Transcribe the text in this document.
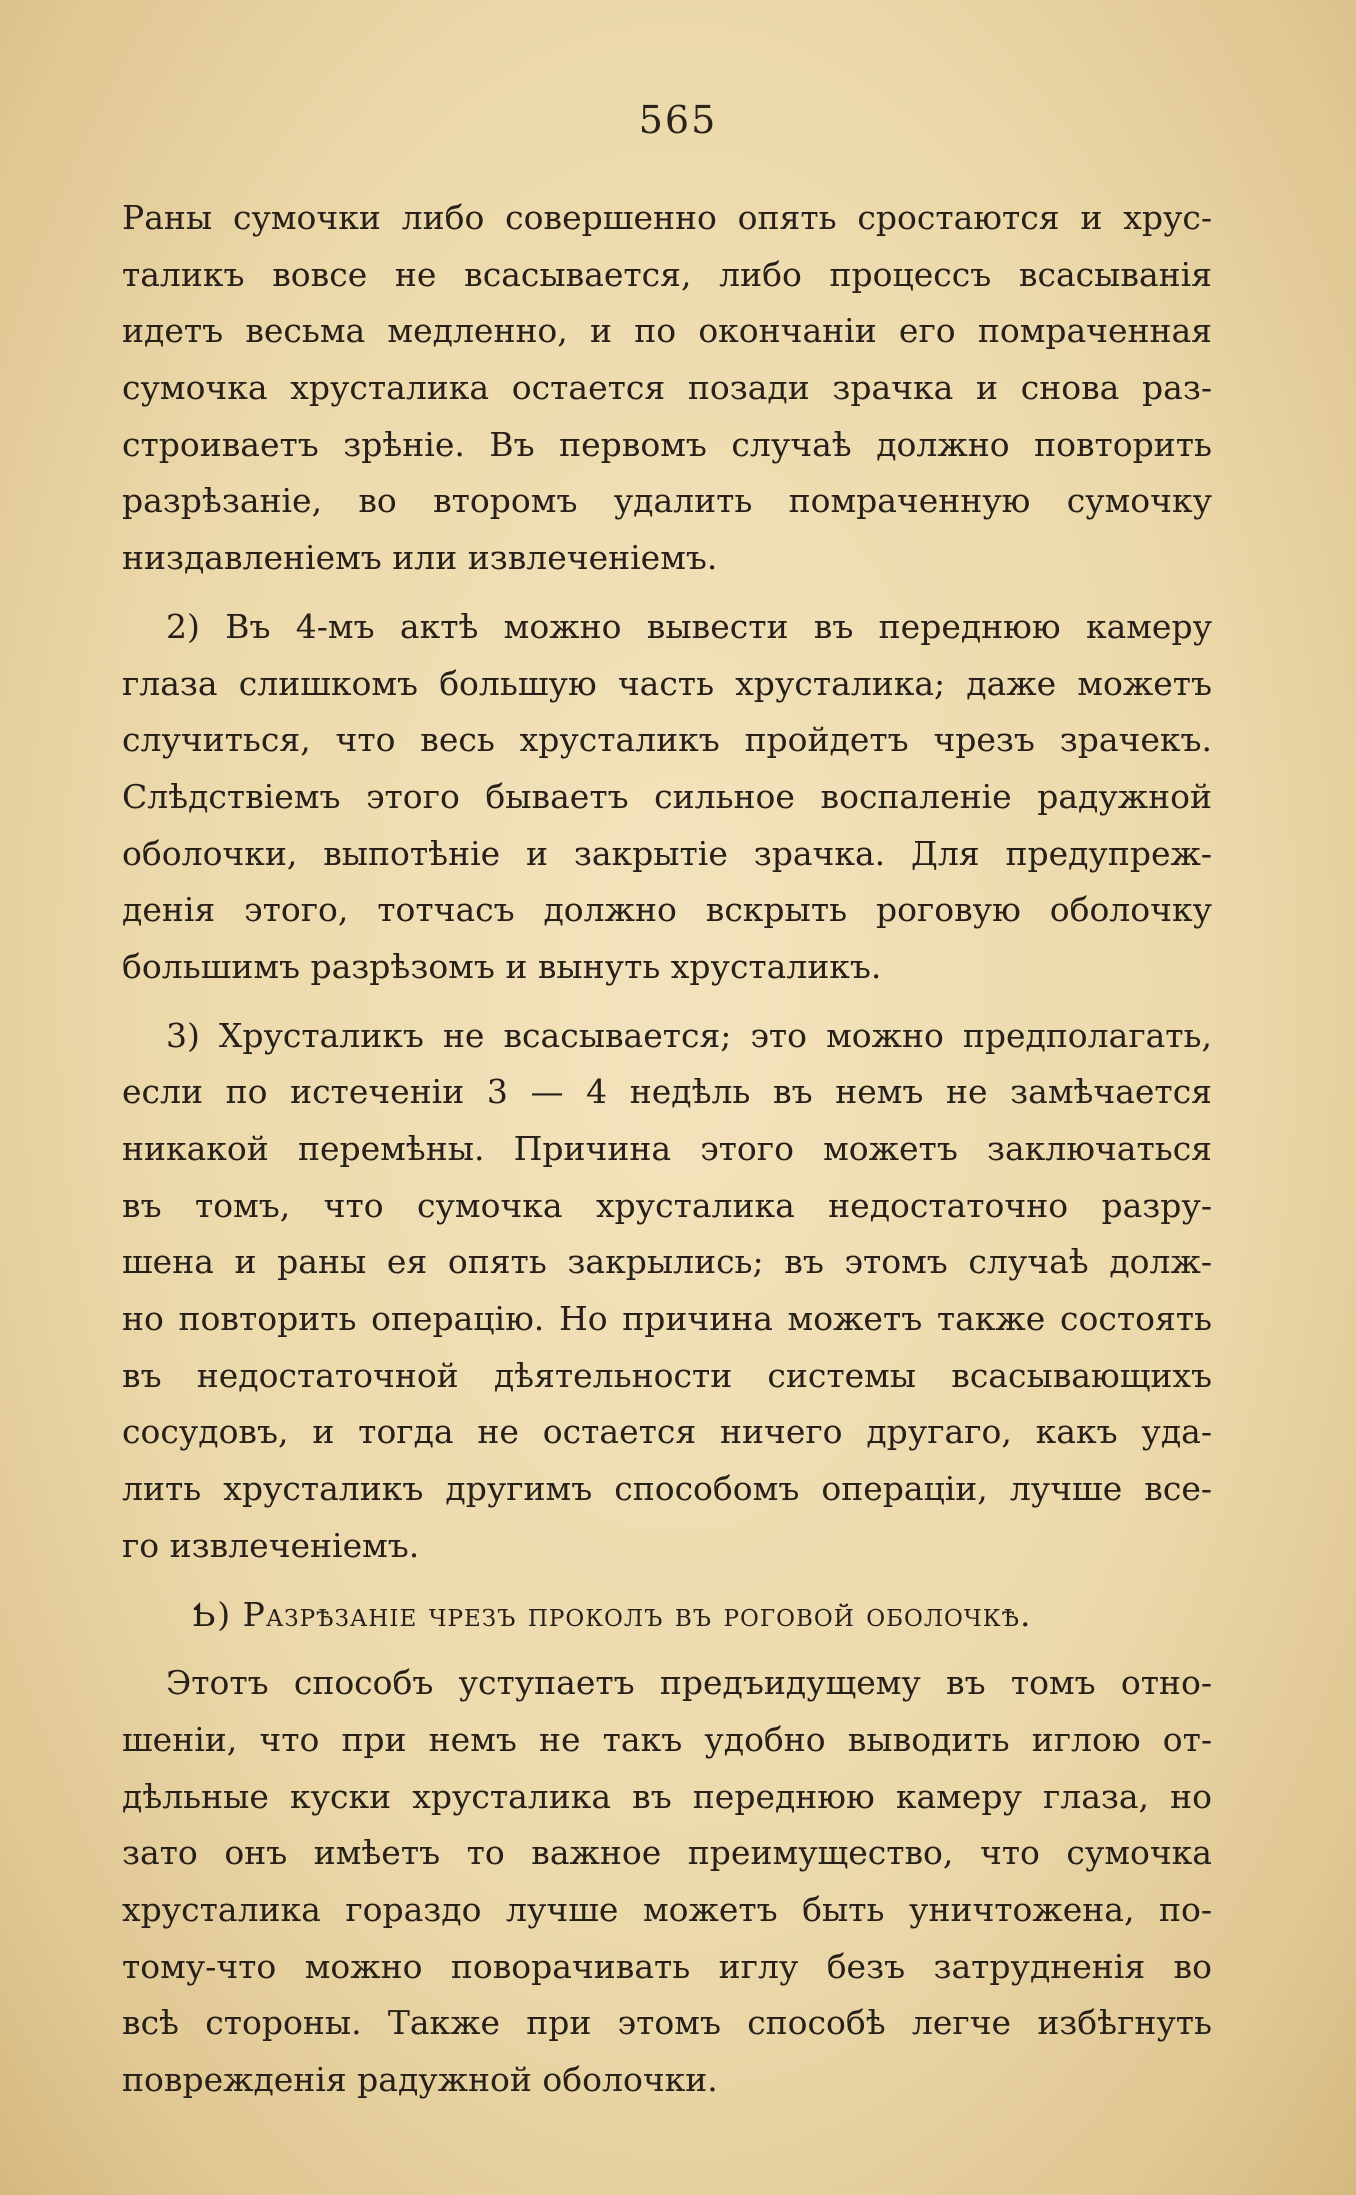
565
Раны сумочки либо совершенно опять сростаются и хрус-
таликъ вовсе не всасывается, либо процессъ всасыванія
идетъ весьма медленно, и по окончаніи его помраченная
сумочка хрусталика остается позади зрачка и снова раз-
строиваетъ зрѣніе. Въ первомъ случаѣ должно повторить
разрѣзаніе, во второмъ удалить помраченную сумочку
низдавленіемъ или извлеченіемъ.
2) Въ 4-мъ актѣ можно вывести въ переднюю камеру
глаза слишкомъ большую часть хрусталика; даже можетъ
случиться, что весь хрусталикъ пройдетъ чрезъ зрачекъ.
Слѣдствіемъ этого бываетъ сильное воспаленіе радужной
оболочки, выпотѣніе и закрытіе зрачка. Для предупреж-
денія этого, тотчасъ должно вскрыть роговую оболочку
большимъ разрѣзомъ и вынуть хрусталикъ.
3) Хрусталикъ не всасывается; это можно предполагать,
если по истеченіи 3 — 4 недѣль въ немъ не замѣчается
никакой перемѣны. Причина этого можетъ заключаться
въ томъ, что сумочка хрусталика недостаточно разру-
шена и раны ея опять закрылись; въ этомъ случаѣ долж-
но повторить операцію. Но причина можетъ также состоять
въ недостаточной дѣятельности системы всасывающихъ
сосудовъ, и тогда не остается ничего другаго, какъ уда-
лить хрусталикъ другимъ способомъ операціи, лучше все-
го извлеченіемъ.
Ƅ) Разрѣзаніе чрезъ проколъ въ роговой оболочкѣ.
Этотъ способъ уступаетъ предъидущему въ томъ отно-
шеніи, что при немъ не такъ удобно выводить иглою от-
дѣльные куски хрусталика въ переднюю камеру глаза, но
зато онъ имѣетъ то важное преимущество, что сумочка
хрусталика гораздо лучше можетъ быть уничтожена, по-
тому-что можно поворачивать иглу безъ затрудненія во
всѣ стороны. Также при этомъ способѣ легче избѣгнуть
поврежденія радужной оболочки.
